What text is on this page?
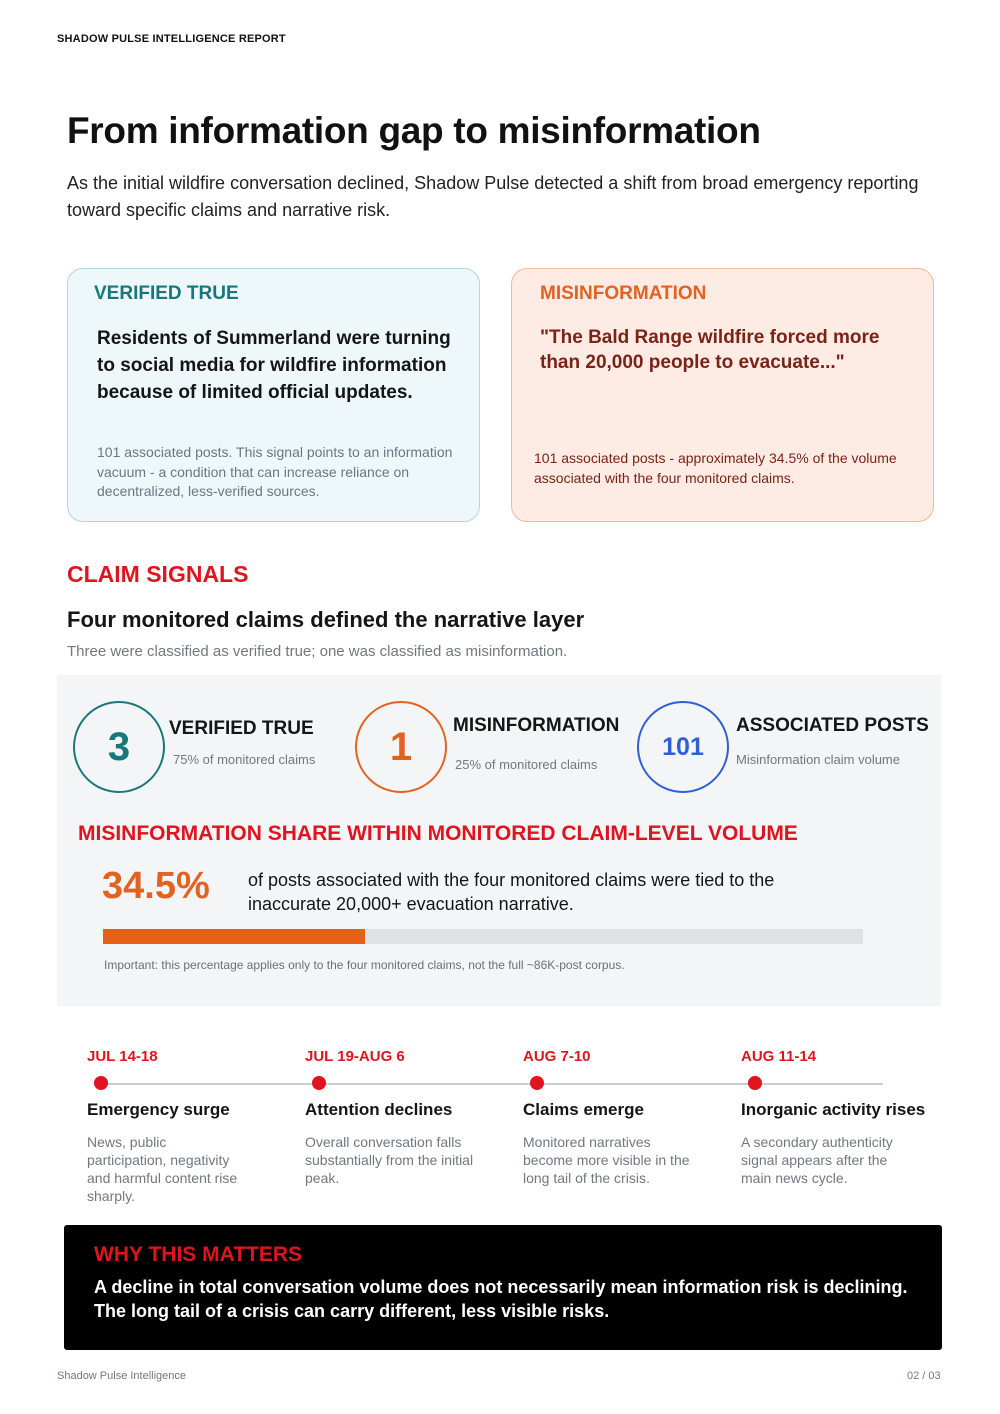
SHADOW PULSE INTELLIGENCE REPORT
From information gap to misinformation

As the initial wildfire conversation declined, Shadow Pulse detected a shift from broad emergency reporting toward specific claims and narrative risk.

VERIFIED TRUE
Residents of Summerland were turning to social media for wildfire information because of limited official updates.
101 associated posts. This signal points to an information vacuum - a condition that can increase reliance on decentralized, less-verified sources.
MISINFORMATION
"The Bald Range wildfire forced more than 20,000 people to evacuate..."
101 associated posts - approximately 34.5% of the volume associated with the four monitored claims.
CLAIM SIGNALS
Four monitored claims defined the narrative layer
Three were classified as verified true; one was classified as misinformation.
3	VERIFIED TRUE
75% of monitored claims	1	MISINFORMATION
25% of monitored claims
101
ASSOCIATED POSTS
Misinformation claim volume
MISINFORMATION SHARE WITHIN MONITORED CLAIM-LEVEL VOLUME
34.5% of posts associated with the four monitored claims were tied to the inaccurate 20,000+ evacuation narrative.
Important: this percentage applies only to the four monitored claims, not the full ~86K-post corpus.
JUL 14-18
Emergency surge
News, public participation, negativity and harmful content rise sharply.
JUL 19-AUG 6
Attention declines
Overall conversation falls substantially from the initial peak.
AUG 7-10
Claims emerge
Monitored narratives become more visible in the long tail of the crisis.
AUG 11-14
Inorganic activity rises
A secondary authenticity signal appears after the main news cycle.
WHY THIS MATTERS
A decline in total conversation volume does not necessarily mean information risk is declining. The long tail of a crisis can carry different, less visible risks.
Shadow Pulse Intelligence	02 / 03
